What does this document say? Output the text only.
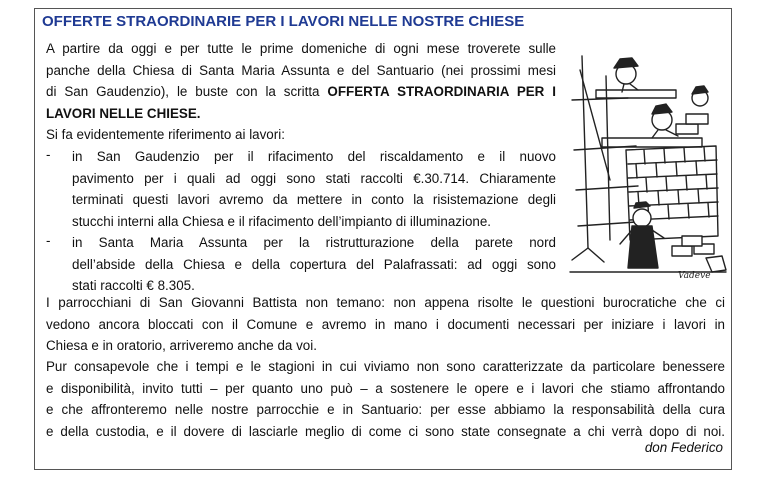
OFFERTE STRAORDINARIE PER I LAVORI NELLE NOSTRE CHIESE
A partire da oggi e per tutte le prime domeniche di ogni mese troverete sulle
panche della Chiesa di Santa Maria Assunta e del Santuario (nei prossimi mesi
di San Gaudenzio), le buste con la scritta OFFERTA STRAORDINARIA PER I
LAVORI NELLE CHIESE.
Si fa evidentemente riferimento ai lavori:
- in San Gaudenzio per il rifacimento del riscaldamento e il nuovo
pavimento per i quali ad oggi sono stati raccolti €.30.714. Chiaramente
terminati questi lavori avremo da mettere in conto la risistemazione degli
stucchi interni alla Chiesa e il rifacimento dell’impianto di illuminazione.
- in Santa Maria Assunta per la ristrutturazione della parete nord
dell’abside della Chiesa e della copertura del Palafrassati: ad oggi sono
stati raccolti € 8.305.
I parrocchiani di San Giovanni Battista non temano: non appena risolte le questioni burocratiche che ci
vedono ancora bloccati con il Comune e avremo in mano i documenti necessari per iniziare i lavori in
Chiesa e in oratorio, arriveremo anche da voi.
Pur consapevole che i tempi e le stagioni in cui viviamo non sono caratterizzate da particolare benessere
e disponibilità, invito tutti – per quanto uno può – a sostenere le opere e i lavori che stiamo affrontando
e che affronteremo nelle nostre parrocchie e in Santuario: per esse abbiamo la responsabilità della cura
e della custodia, e il dovere di lasciarle meglio di come ci sono state consegnate a chi verrà dopo di noi.
don Federico
Vadeve
